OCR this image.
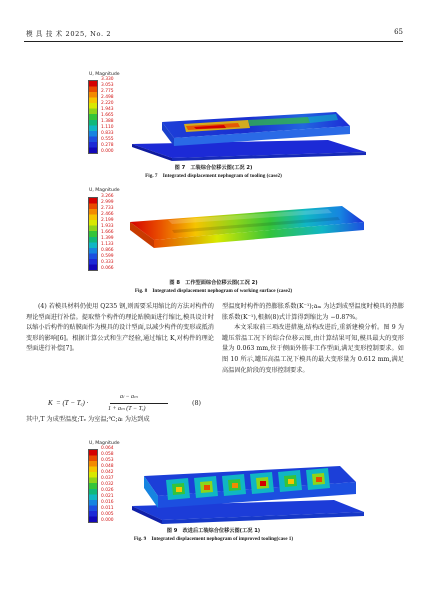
模 具 技 术 2025, No. 2	65
U, Magnitude
3.330
3.053
2.775
2.498
2.220
1.943
1.665
1.388
1.110
0.833
0.555
0.278
0.000
图 7　工装综合位移云图(工况 2)
Fig. 7　Integrated displacement nephogram of tooling (case2)
U, Magnitude
3.266
2.999
2.733
2.466
2.199
1.933
1.666
1.399
1.133
0.866
0.599
0.333
0.066
图 8　工作型面综合位移云图(工况 2)
Fig. 8　Integrated displacement nephogram of working surface (case2)

(4) 若模具材料仍使用 Q235 钢,则需要采用缩比的方法对构件的理论型面进行补偿。提取整个构件的理论贴膜面进行缩比,模具设计时以缩小后构件的贴膜面作为模具的设计型面,以减少构件的变形或抵消变形的影响[6]。根据计算公式和生产经验,通过缩比 K,对构件的理论型面进行补偿[7]。

K = (T − Tₑ) ·
aₗ − aₘ
1 + aₘ (T − Tₑ)
(8)

其中,T 为成型温度;Tₑ 为室温;℃;aₗ 为达到成

型温度时构件的热膨胀系数(K⁻¹);aₘ 为达到成型温度时模具的热膨胀系数(K⁻¹),根据(8)式计算得到缩比为 −0.87%。

本文采取前三项改进措施,结构改进后,重新建模分析。图 9 为罐压常温工况下的综合位移云图,由计算结果可知,模具最大的变形量为 0.063 mm,位于侧面外筋非工作型面,满足变形控制要求。如图 10 所示,罐压高温工况下模具的最大变形量为 0.612 mm,满足高温固化阶段的变形控制要求。

U, Magnitude
0.064
0.058
0.053
0.048
0.042
0.037
0.032
0.026
0.021
0.016
0.011
0.005
0.000
图 9　改进后工装综合位移云图(工况 1)
Fig. 9　Integrated displacement nephogram of improved tooling(case 1)
